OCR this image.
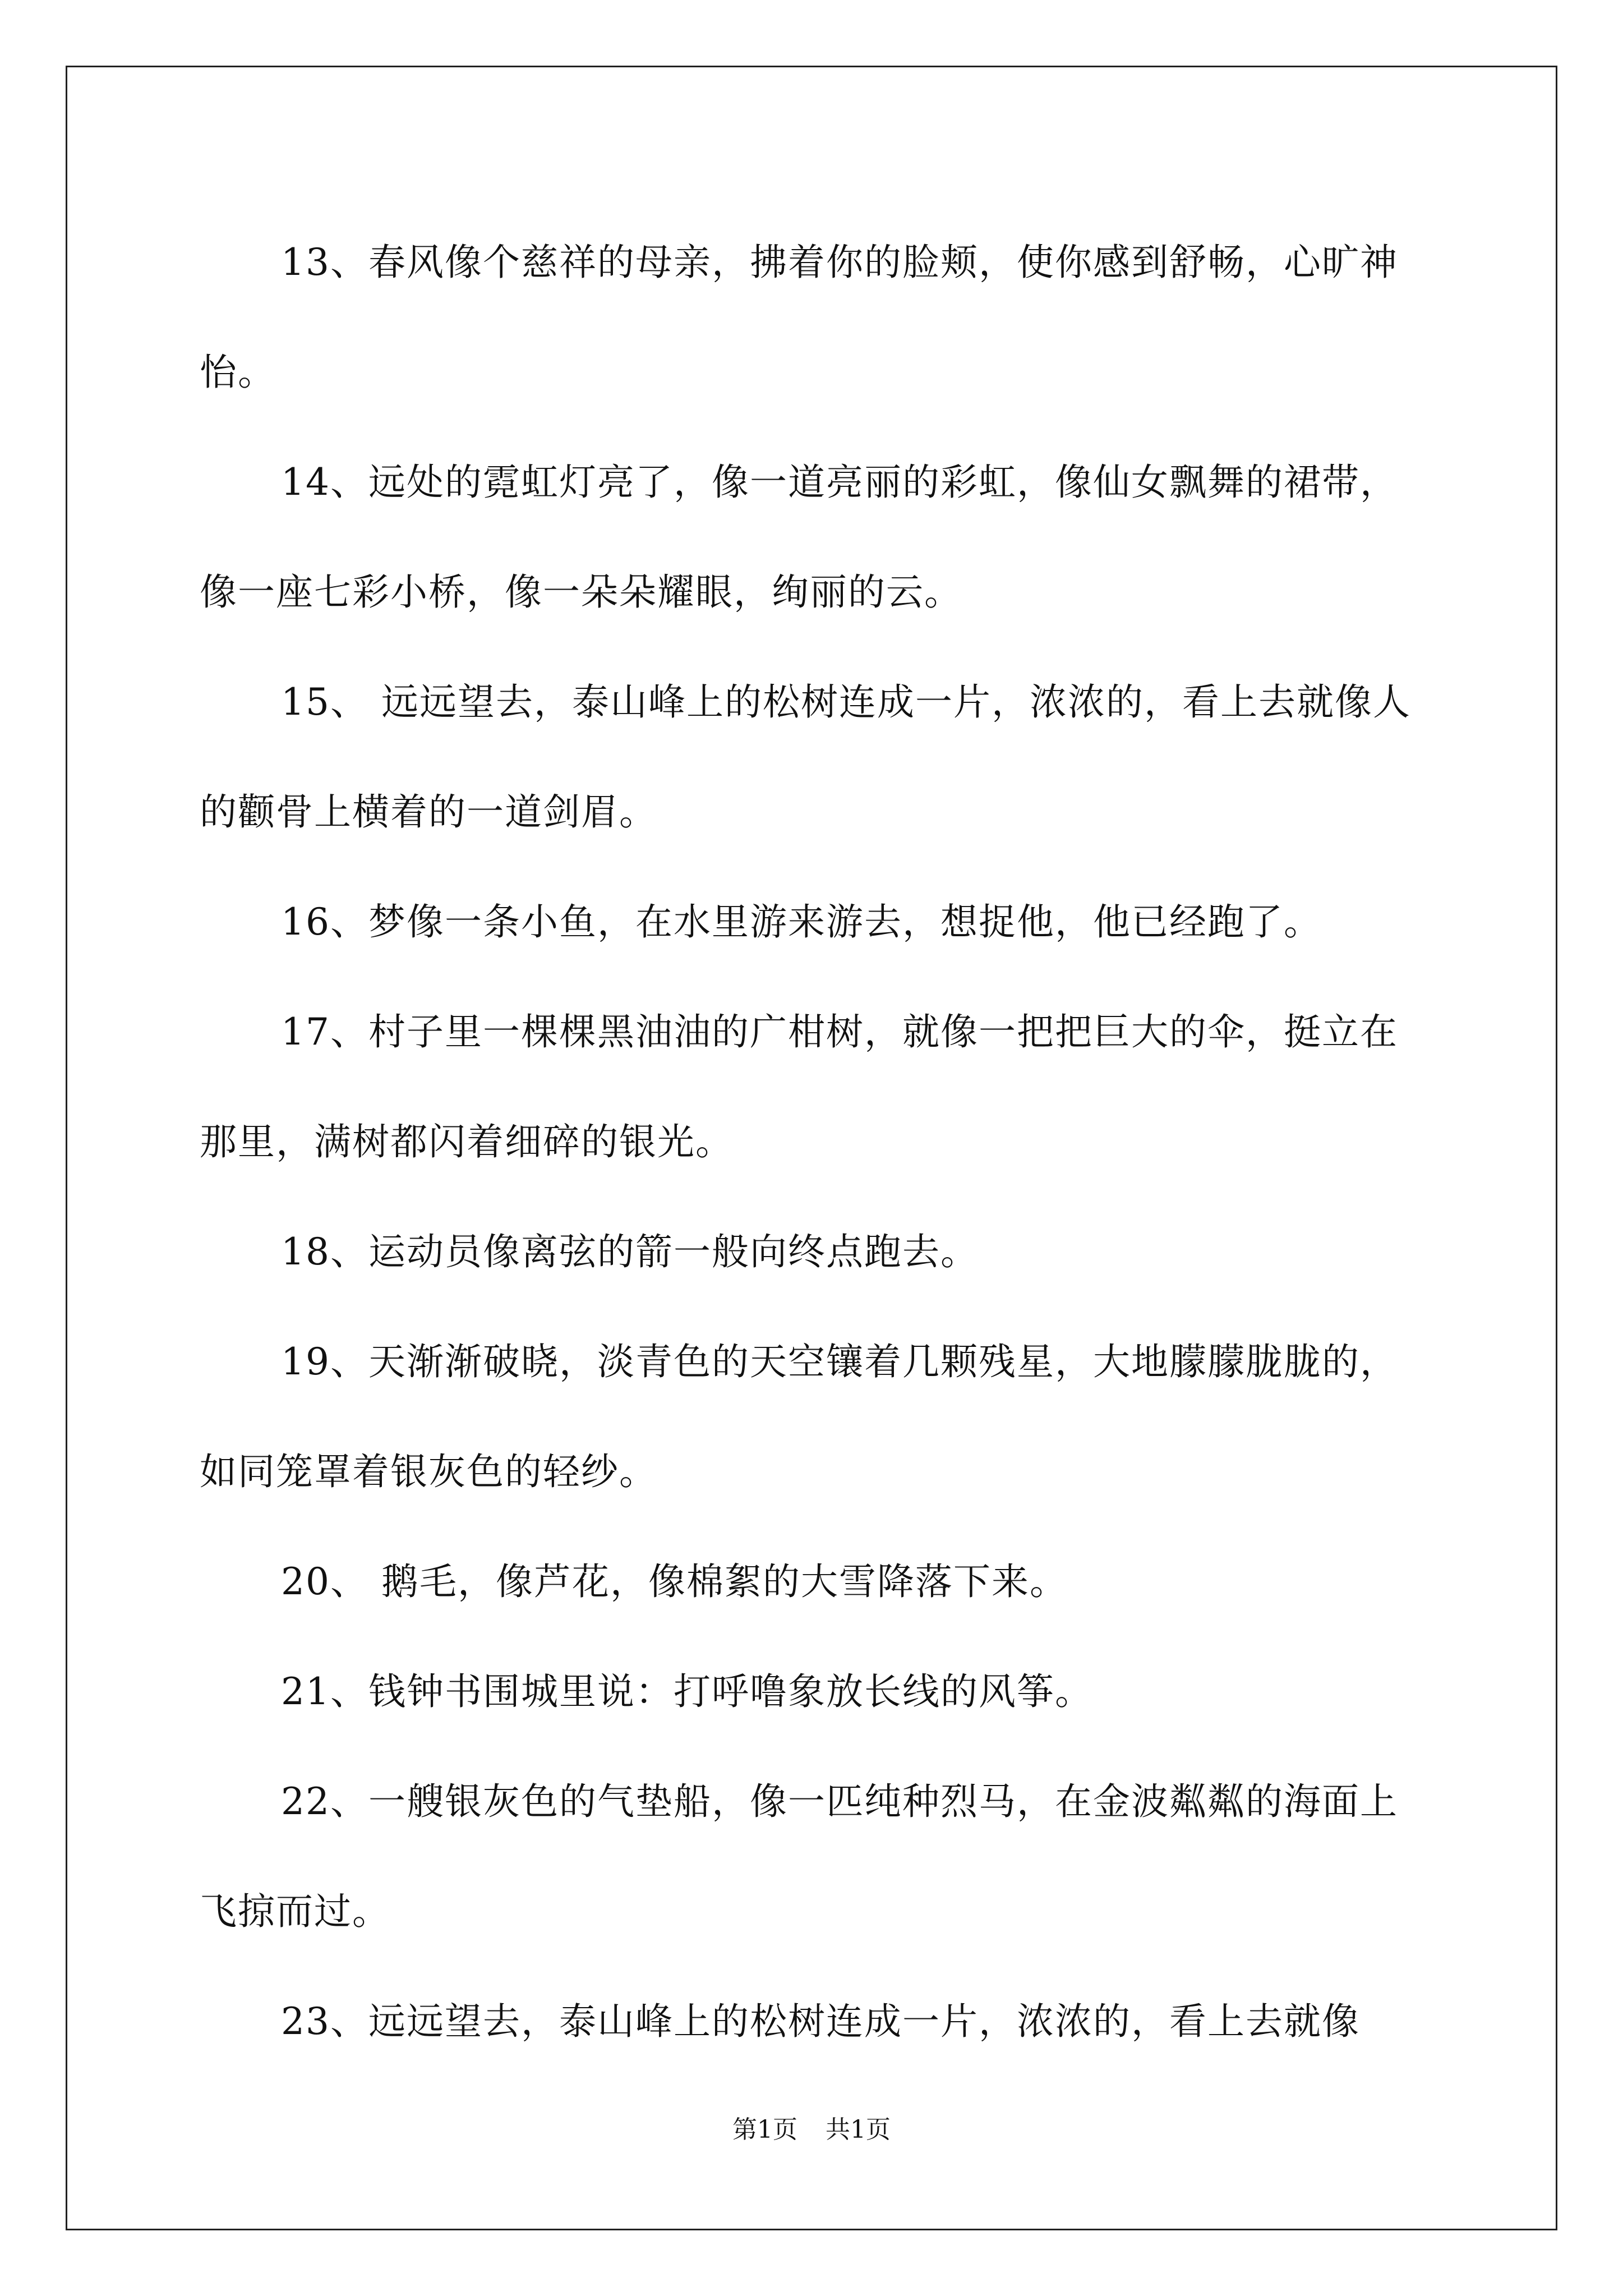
13、春风像个慈祥的母亲，拂着你的脸颊，使你感到舒畅，心旷神怡。

14、远处的霓虹灯亮了，像一道亮丽的彩虹，像仙女飘舞的裙带，像一座七彩小桥，像一朵朵耀眼，绚丽的云。

15、 远远望去，泰山峰上的松树连成一片，浓浓的，看上去就像人的颧骨上横着的一道剑眉。

16、梦像一条小鱼，在水里游来游去，想捉他，他已经跑了。

17、村子里一棵棵黑油油的广柑树，就像一把把巨大的伞，挺立在那里，满树都闪着细碎的银光。

18、运动员像离弦的箭一般向终点跑去。

19、天渐渐破晓，淡青色的天空镶着几颗残星，大地朦朦胧胧的，如同笼罩着银灰色的轻纱。

20、 鹅毛，像芦花，像棉絮的大雪降落下来。

21、钱钟书围城里说：打呼噜象放长线的风筝。

22、一艘银灰色的气垫船，像一匹纯种烈马，在金波粼粼的海面上飞掠而过。

23、远远望去，泰山峰上的松树连成一片，浓浓的，看上去就像

第1页 共1页
